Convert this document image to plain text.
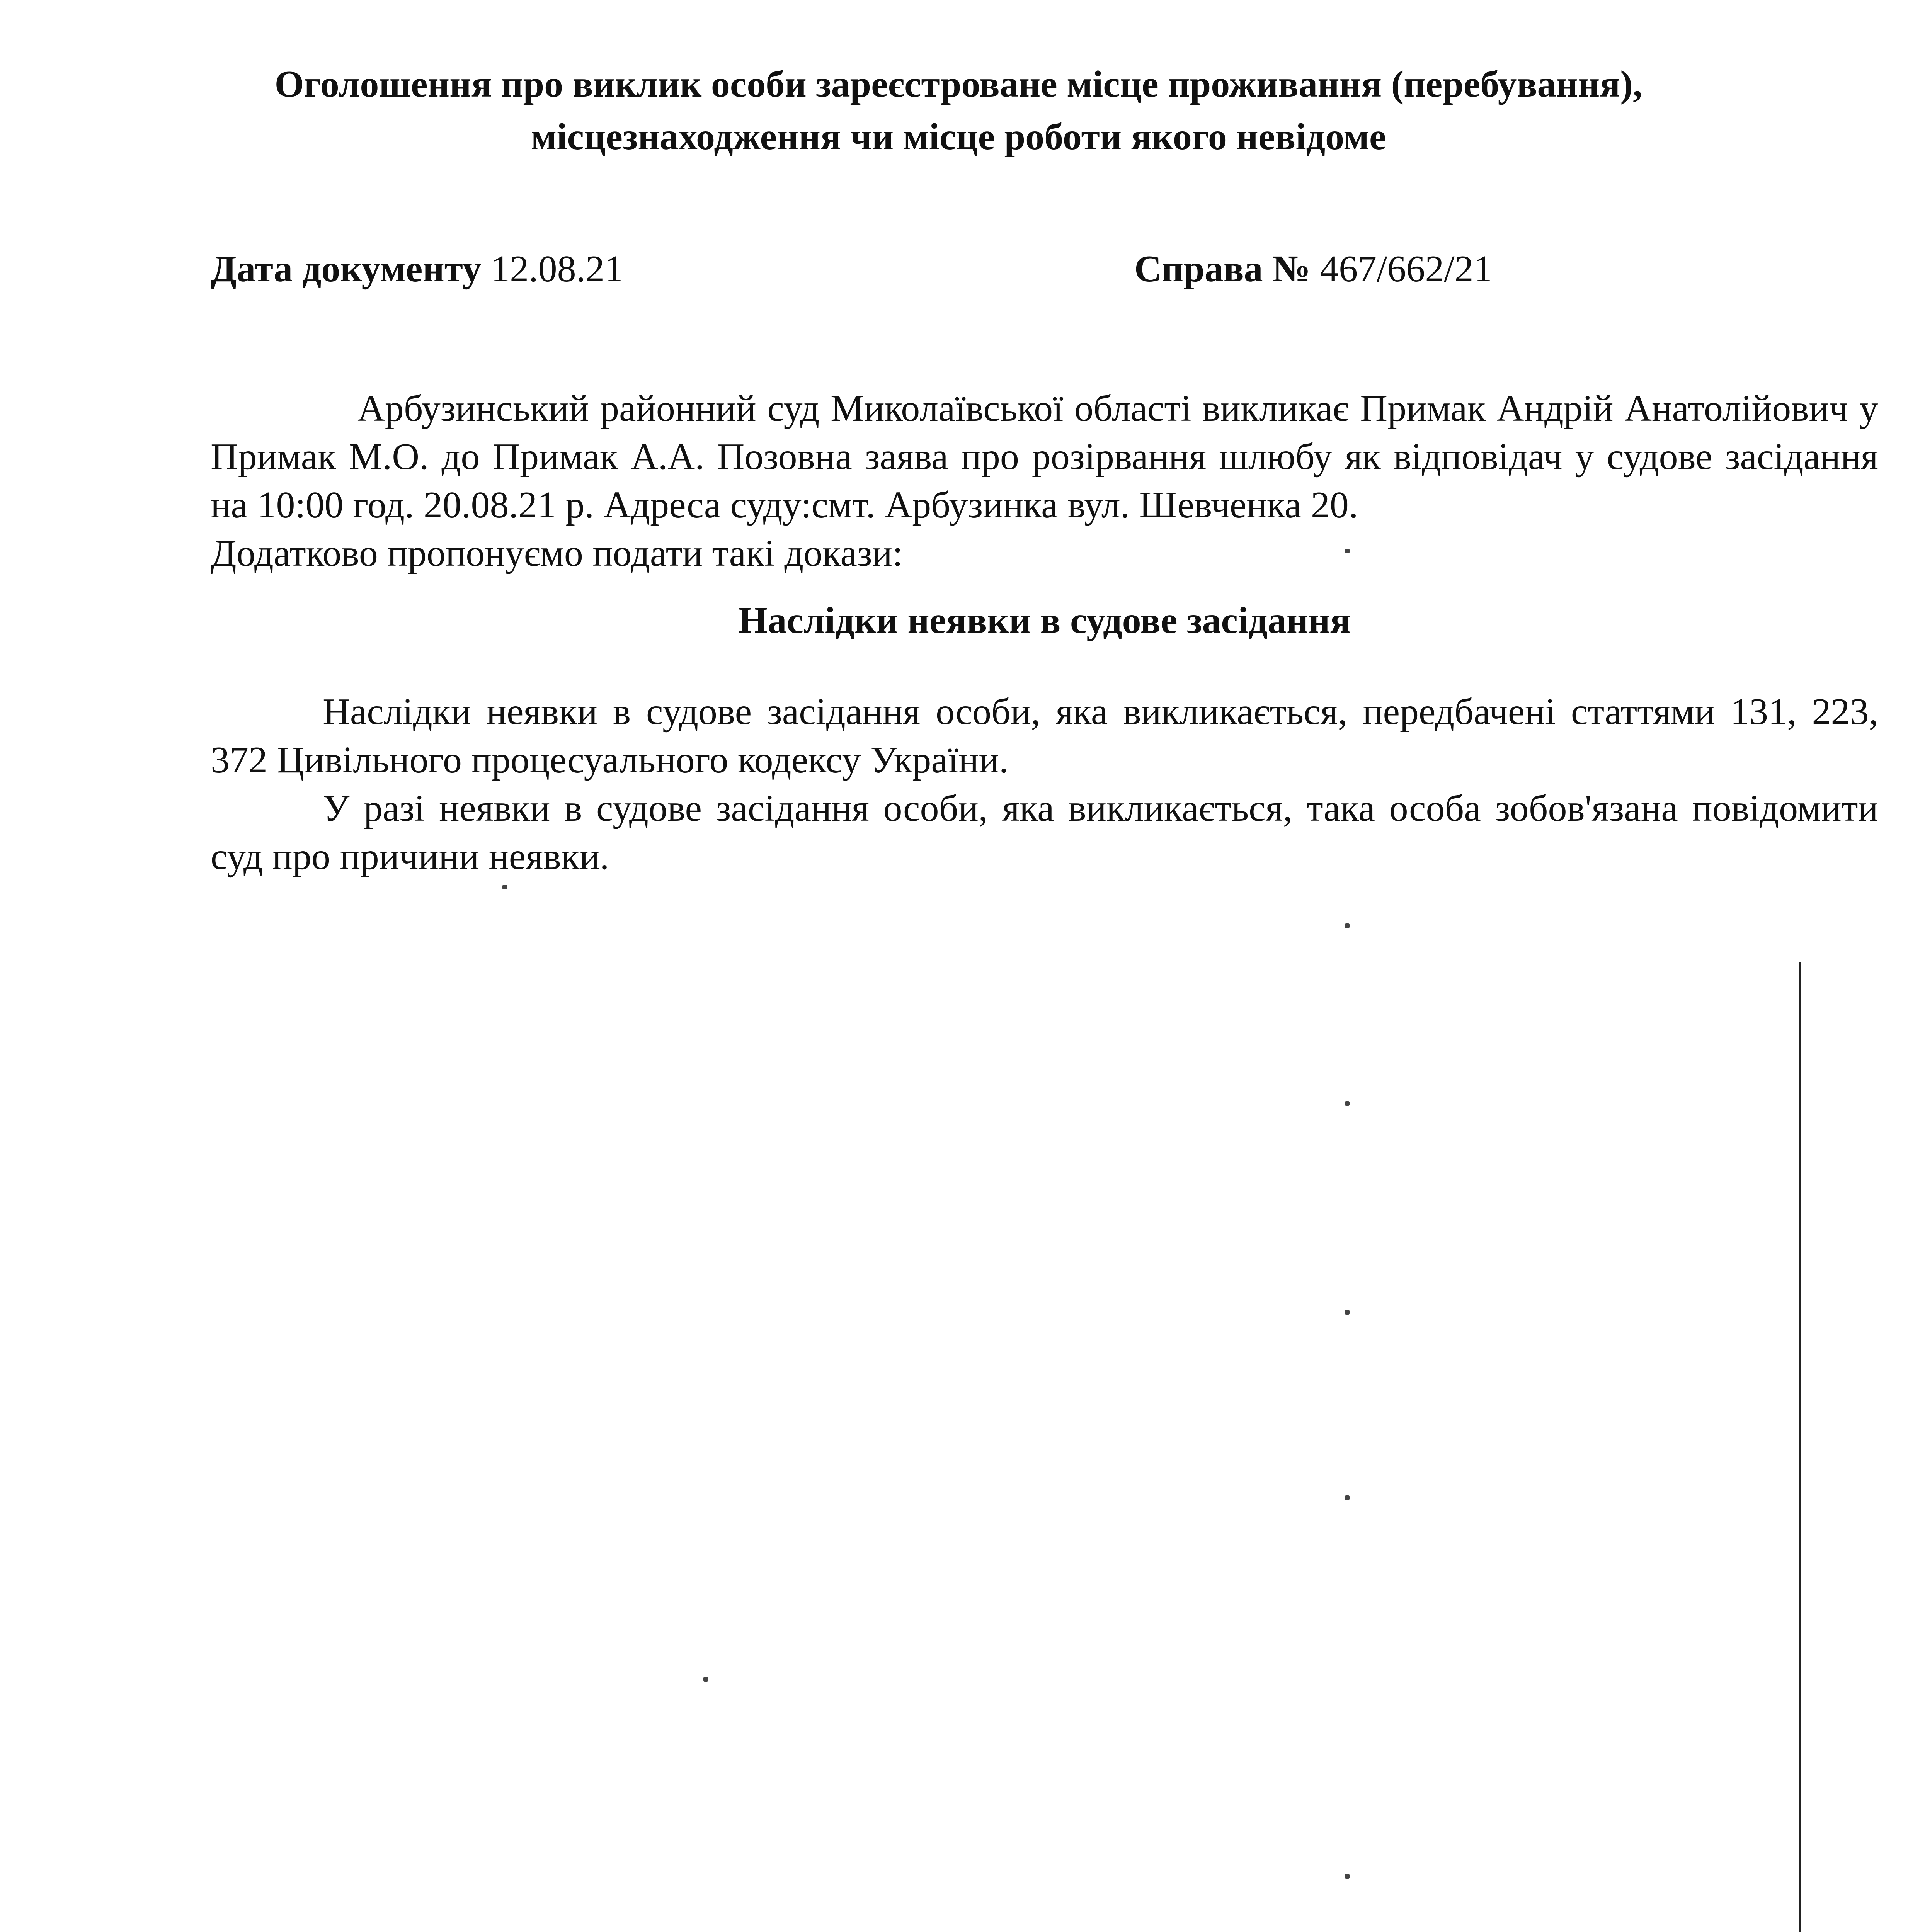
Оголошення про виклик особи зареєстроване місце проживання (перебування),
місцезнаходження чи місце роботи якого невідоме
Дата документу 12.08.21	Справа № 467/662/21

Арбузинський районний суд Миколаївської області викликає Примак Андрій Анатолійович у Примак М.О. до Примак А.А. Позовна заява про розірвання шлюбу як відповідач у судове засідання на 10:00 год. 20.08.21 р. Адреса суду:смт. Арбузинка вул. Шевченка 20.

Додатково пропонуємо подати такі докази:

Наслідки неявки в судове засідання

Наслідки неявки в судове засідання особи, яка викликається, передбачені статтями 131, 223, 372 Цивільного процесуального кодексу України.

У разі неявки в судове засідання особи, яка викликається, така особа зобов'язана повідомити суд про причини неявки.
